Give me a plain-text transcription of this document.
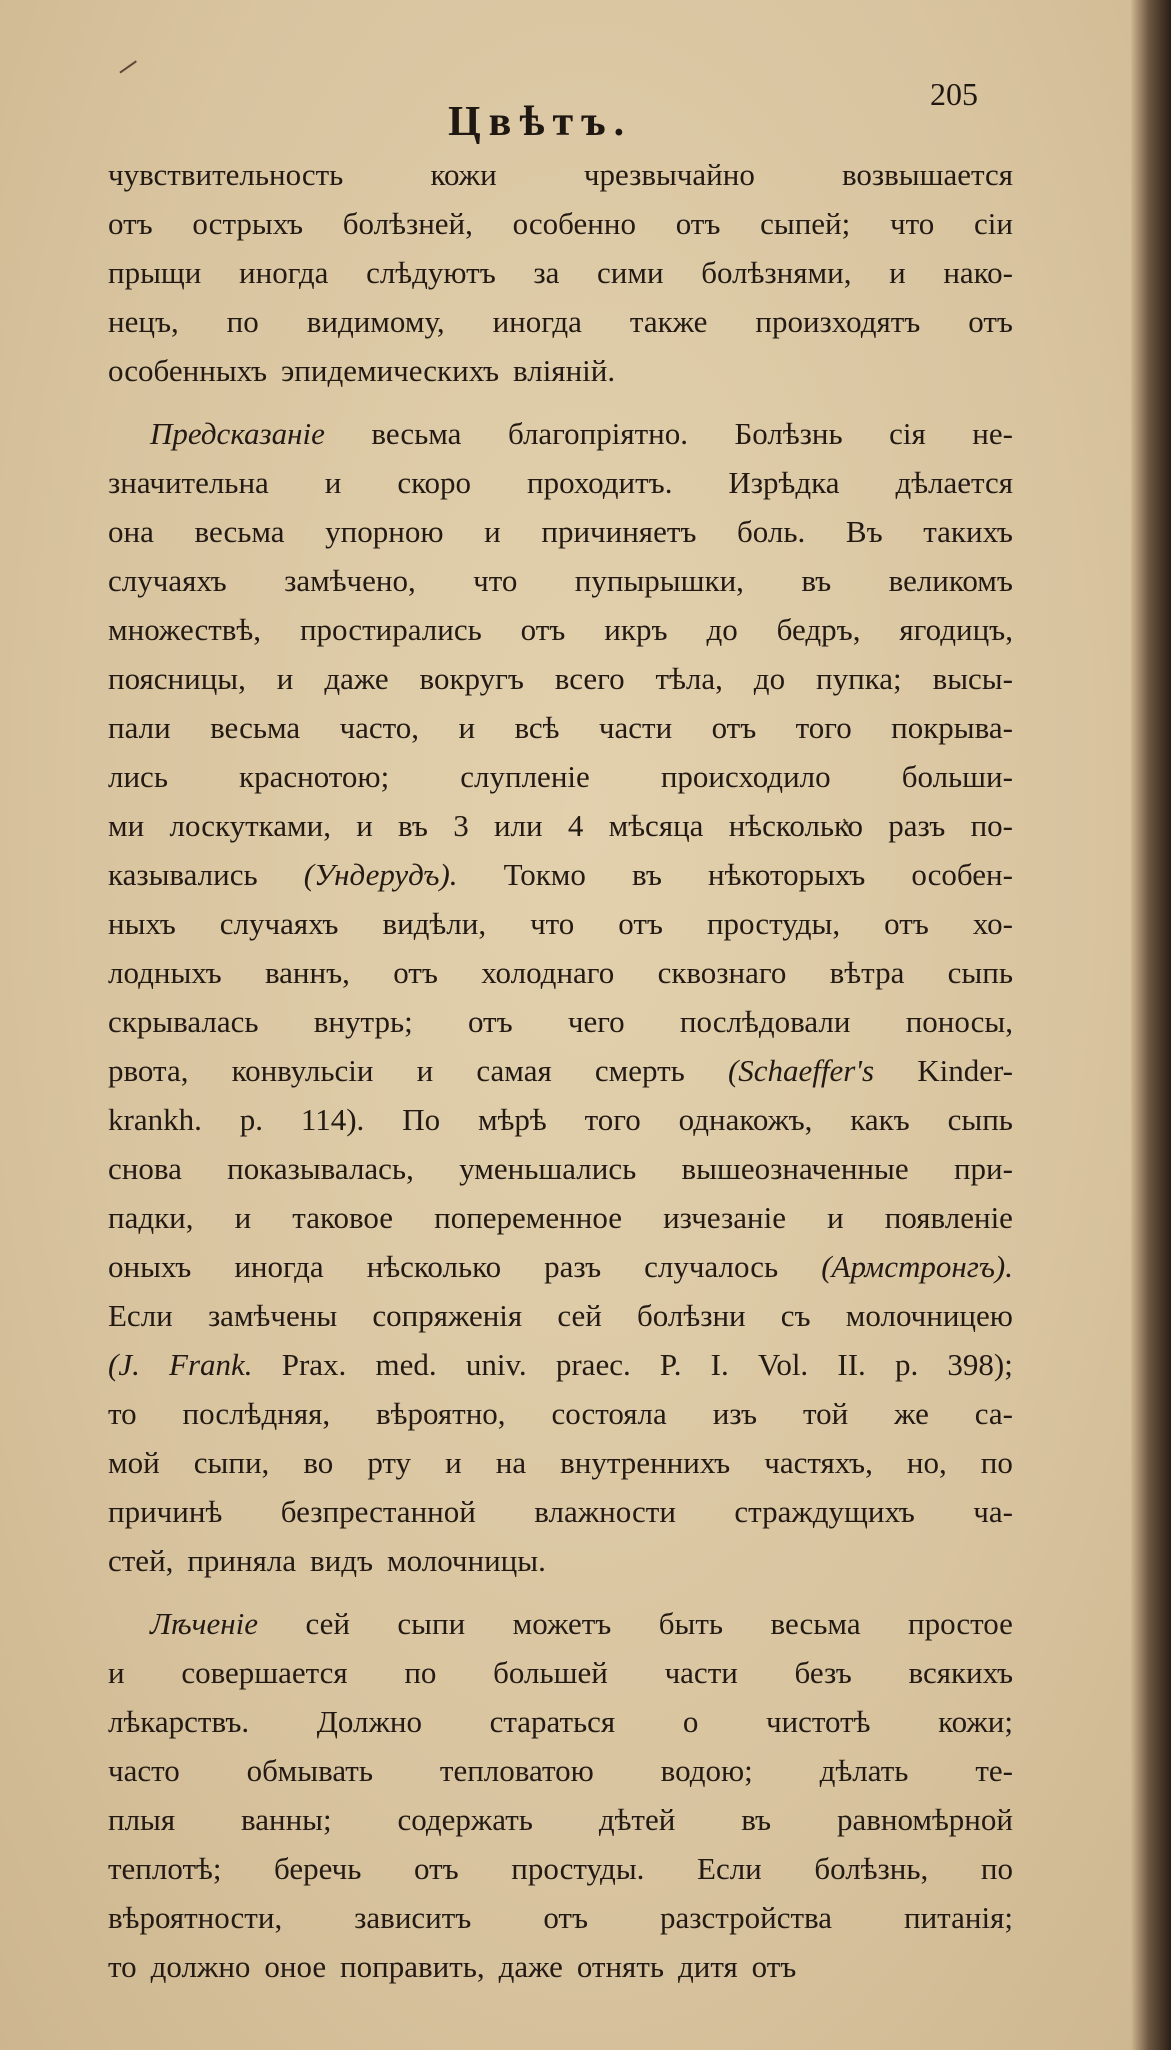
Цвѣтъ.
205
чувствительность	кожи	чрезвычайно	возвышается
отъ острыхъ болѣзней, особенно отъ сыпей; что сіи
прыщи иногда слѣдуютъ за сими болѣзнями, и нако-
нецъ, по видимому, иногда также произходятъ отъ
особенныхъ эпидемическихъ вліяній.
Предсказаніе весьма благопріятно. Болѣзнь сія не-
значительна и скоро проходитъ. Изрѣдка дѣлается
она весьма упорною и причиняетъ боль. Въ такихъ
случаяхъ замѣчено, что пупырышки, въ великомъ
множествѣ, простирались отъ икръ до бедръ, ягодицъ,
поясницы, и даже вокругъ всего тѣла, до пупка; высы-
пали весьма часто, и всѣ части отъ того покрыва-
лись краснотою; слупленіе происходило больши-
ми лоскутками, и въ 3 или 4 мѣсяца нѣсколько разъ по-
казывались (Ундерудъ). Токмо въ нѣкоторыхъ особен-
ныхъ случаяхъ видѣли, что отъ простуды, отъ хо-
лодныхъ ваннъ, отъ холоднаго сквознаго вѣтра сыпь
скрывалась внутрь; отъ чего послѣдовали поносы,
рвота, конвульсіи и самая смерть (Schaeffer's Kinder-
krankh. p. 114). По мѣрѣ того однакожъ, какъ сыпь
снова показывалась, уменьшались вышеозначенные при-
падки, и таковое попеременное изчезаніе и появленіе
оныхъ иногда нѣсколько разъ случалось (Армстронгъ).
Если замѣчены сопряженія сей болѣзни съ молочницею
(J. Frank. Prax. med. univ. praec. P. I. Vol. II. p. 398);
то послѣдняя, вѣроятно, состояла изъ той же са-
мой сыпи, во рту и на внутреннихъ частяхъ, но, по
причинѣ безпрестанной влажности страждущихъ ча-
стей, приняла видъ молочницы.
Лѣченіе сей сыпи можетъ быть весьма простое
и совершается по большей части безъ всякихъ
лѣкарствъ. Должно стараться о чистотѣ кожи;
часто обмывать тепловатою водою; дѣлать те-
плыя ванны; содержать дѣтей въ равномѣрной
теплотѣ; беречь отъ простуды. Если болѣзнь, по
вѣроятности, зависитъ отъ разстройства питанія;
то должно оное поправить, даже отнять дитя отъ
